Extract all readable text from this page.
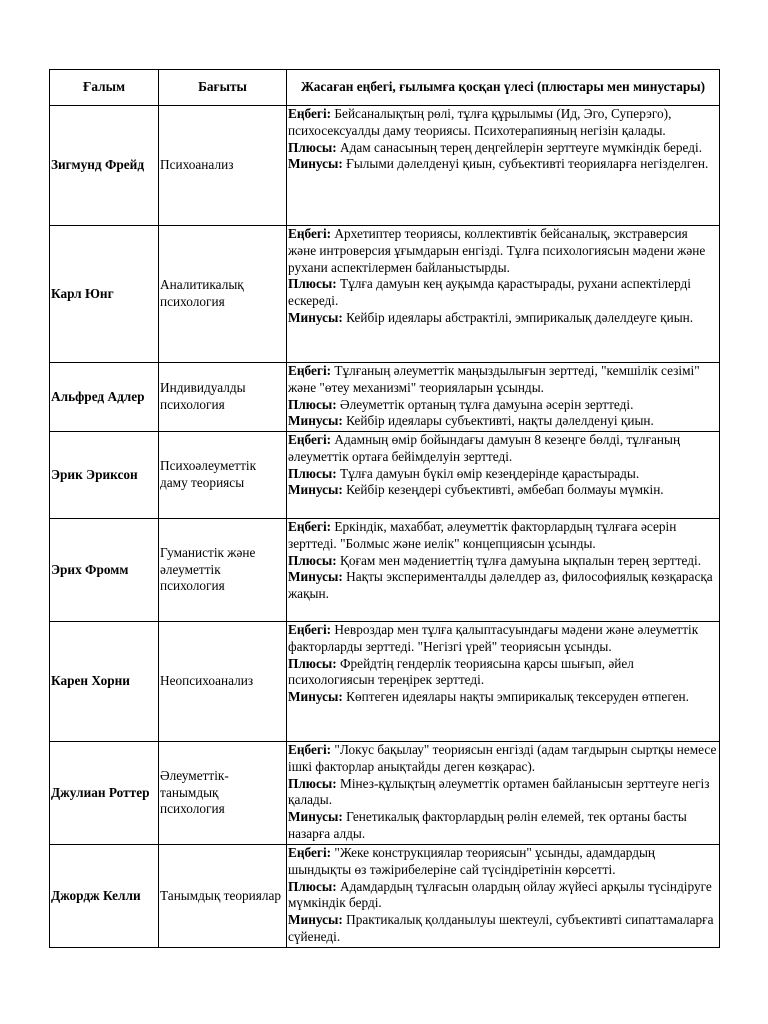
Ғалым	Бағыты	Жасаған еңбегі, ғылымға қосқан үлесі (плюстары мен минустары)
Зигмунд Фрейд	Психоанализ	Еңбегі: Бейсаналықтың рөлі, тұлға құрылымы (Ид, Эго, Суперэго), психосексуалды даму теориясы. Психотерапияның негізін қалады.
Плюсы: Адам санасының терең деңгейлерін зерттеуге мүмкіндік береді.
Минусы: Ғылыми дәлелденуі қиын, субъективті теорияларға негізделген.

Карл Юнг	Аналитикалық психология	Еңбегі: Архетиптер теориясы, коллективтік бейсаналық, экстраверсия және интроверсия ұғымдарын енгізді. Тұлға психологиясын мәдени және рухани аспектілермен байланыстырды.
Плюсы: Тұлға дамуын кең ауқымда қарастырады, рухани аспектілерді ескереді.
Минусы: Кейбір идеялары абстрактілі, эмпирикалық дәлелдеуге қиын.

Альфред Адлер	Индивидуалды психология	Еңбегі: Тұлғаның әлеуметтік маңыздылығын зерттеді, "кемшілік сезімі" және "өтеу механизмі" теорияларын ұсынды.
Плюсы: Әлеуметтік ортаның тұлға дамуына әсерін зерттеді.
Минусы: Кейбір идеялары субъективті, нақты дәлелденуі қиын.

Эрик Эриксон	Психоәлеуметтік даму теориясы	Еңбегі: Адамның өмір бойындағы дамуын 8 кезеңге бөлді, тұлғаның әлеуметтік ортаға бейімделуін зерттеді.
Плюсы: Тұлға дамуын бүкіл өмір кезеңдерінде қарастырады.
Минусы: Кейбір кезеңдері субъективті, әмбебап болмауы мүмкін.

Эрих Фромм	Гуманистік және әлеуметтік психология	Еңбегі: Еркіндік, махаббат, әлеуметтік факторлардың тұлғаға әсерін зерттеді. "Болмыс және иелік" концепциясын ұсынды.
Плюсы: Қоғам мен мәдениеттің тұлға дамуына ықпалын терең зерттеді.
Минусы: Нақты эксперименталды дәлелдер аз, философиялық көзқарасқа жақын.

Карен Хорни	Неопсихоанализ	Еңбегі: Невроздар мен тұлға қалыптасуындағы мәдени және әлеуметтік факторларды зерттеді. "Негізгі үрей" теориясын ұсынды.
Плюсы: Фрейдтің гендерлік теориясына қарсы шығып, әйел психологиясын тереңірек зерттеді.
Минусы: Көптеген идеялары нақты эмпирикалық тексеруден өтпеген.

Джулиан Роттер	Әлеуметтік-танымдық психология	Еңбегі: "Локус бақылау" теориясын енгізді (адам тағдырын сыртқы немесе ішкі факторлар анықтайды деген көзқарас).
Плюсы: Мінез-құлықтың әлеуметтік ортамен байланысын зерттеуге негіз қалады.
Минусы: Генетикалық факторлардың рөлін елемей, тек ортаны басты назарға алды.

Джордж Келли	Танымдық теориялар	Еңбегі: "Жеке конструкциялар теориясын" ұсынды, адамдардың шындықты өз тәжірибелеріне сай түсіндіретінін көрсетті.
Плюсы: Адамдардың тұлғасын олардың ойлау жүйесі арқылы түсіндіруге мүмкіндік берді.
Минусы: Практикалық қолданылуы шектеулі, субъективті сипаттамаларға сүйенеді.
